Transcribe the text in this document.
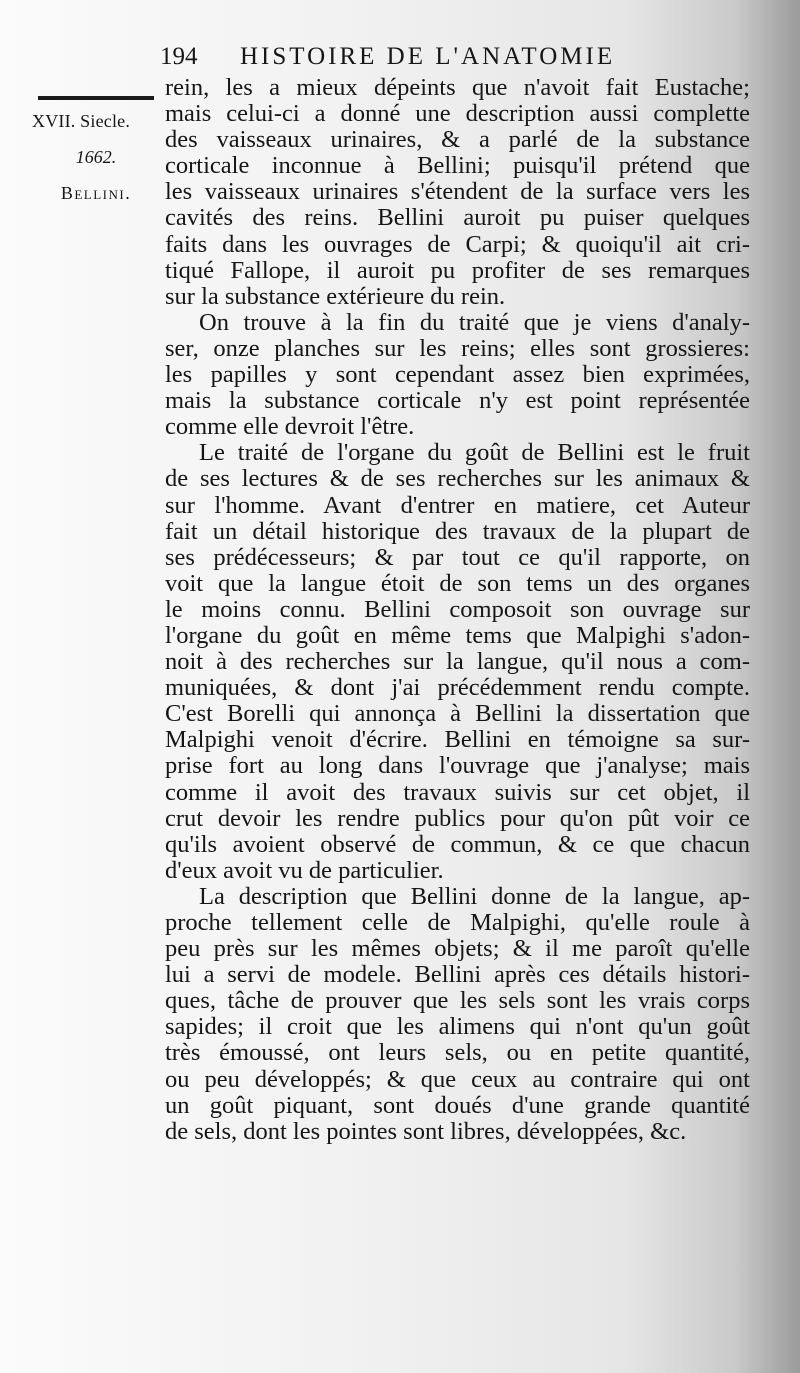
194 HISTOIRE DE L'ANATOMIE
XVII. Siecle.
1662.
Bellini.
rein, les a mieux dépeints que n'avoit fait Eustache;
mais celui-ci a donné une description aussi complette
des vaisseaux urinaires, & a parlé de la substance
corticale inconnue à Bellini; puisqu'il prétend que
les vaisseaux urinaires s'étendent de la surface vers les
cavités des reins. Bellini auroit pu puiser quelques
faits dans les ouvrages de Carpi; & quoiqu'il ait cri-
tiqué Fallope, il auroit pu profiter de ses remarques
sur la substance extérieure du rein.
On trouve à la fin du traité que je viens d'analy-
ser, onze planches sur les reins; elles sont grossieres:
les papilles y sont cependant assez bien exprimées,
mais la substance corticale n'y est point représentée
comme elle devroit l'être.
Le traité de l'organe du goût de Bellini est le fruit
de ses lectures & de ses recherches sur les animaux &
sur l'homme. Avant d'entrer en matiere, cet Auteur
fait un détail historique des travaux de la plupart de
ses prédécesseurs; & par tout ce qu'il rapporte, on
voit que la langue étoit de son tems un des organes
le moins connu. Bellini composoit son ouvrage sur
l'organe du goût en même tems que Malpighi s'adon-
noit à des recherches sur la langue, qu'il nous a com-
muniquées, & dont j'ai précédemment rendu compte.
C'est Borelli qui annonça à Bellini la dissertation que
Malpighi venoit d'écrire. Bellini en témoigne sa sur-
prise fort au long dans l'ouvrage que j'analyse; mais
comme il avoit des travaux suivis sur cet objet, il
crut devoir les rendre publics pour qu'on pût voir ce
qu'ils avoient observé de commun, & ce que chacun
d'eux avoit vu de particulier.
La description que Bellini donne de la langue, ap-
proche tellement celle de Malpighi, qu'elle roule à
peu près sur les mêmes objets; & il me paroît qu'elle
lui a servi de modele. Bellini après ces détails histori-
ques, tâche de prouver que les sels sont les vrais corps
sapides; il croit que les alimens qui n'ont qu'un goût
très émoussé, ont leurs sels, ou en petite quantité,
ou peu développés; & que ceux au contraire qui ont
un goût piquant, sont doués d'une grande quantité
de sels, dont les pointes sont libres, développées, &c.
